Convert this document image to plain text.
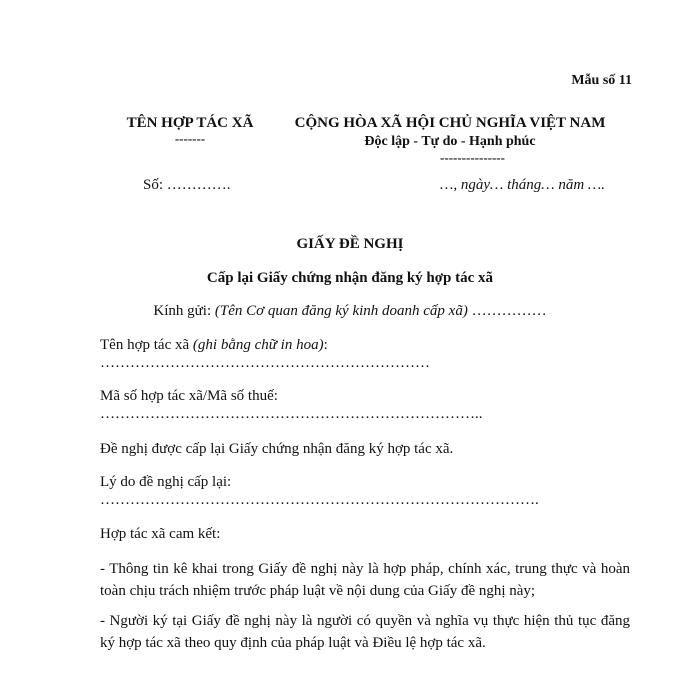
Mẫu số 11
TÊN HỢP TÁC XÃ
-------
CỘNG HÒA XÃ HỘI CHỦ NGHĨA VIỆT NAM
Độc lập - Tự do - Hạnh phúc
---------------
Số: ………….	…, ngày… tháng… năm ….
GIẤY ĐỀ NGHỊ
Cấp lại Giấy chứng nhận đăng ký hợp tác xã
Kính gửi: (Tên Cơ quan đăng ký kinh doanh cấp xã) ……………
Tên hợp tác xã (ghi bằng chữ in hoa):
…………………………………………………………
Mã số hợp tác xã/Mã số thuế:
…………………………………………………………………..
Đề nghị được cấp lại Giấy chứng nhận đăng ký hợp tác xã.
Lý do đề nghị cấp lại:
…………………………………………………………………………….
Hợp tác xã cam kết:
- Thông tin kê khai trong Giấy đề nghị này là hợp pháp, chính xác, trung thực và hoàn toàn chịu trách nhiệm trước pháp luật về nội dung của Giấy đề nghị này;
- Người ký tại Giấy đề nghị này là người có quyền và nghĩa vụ thực hiện thủ tục đăng ký hợp tác xã theo quy định của pháp luật và Điều lệ hợp tác xã.
